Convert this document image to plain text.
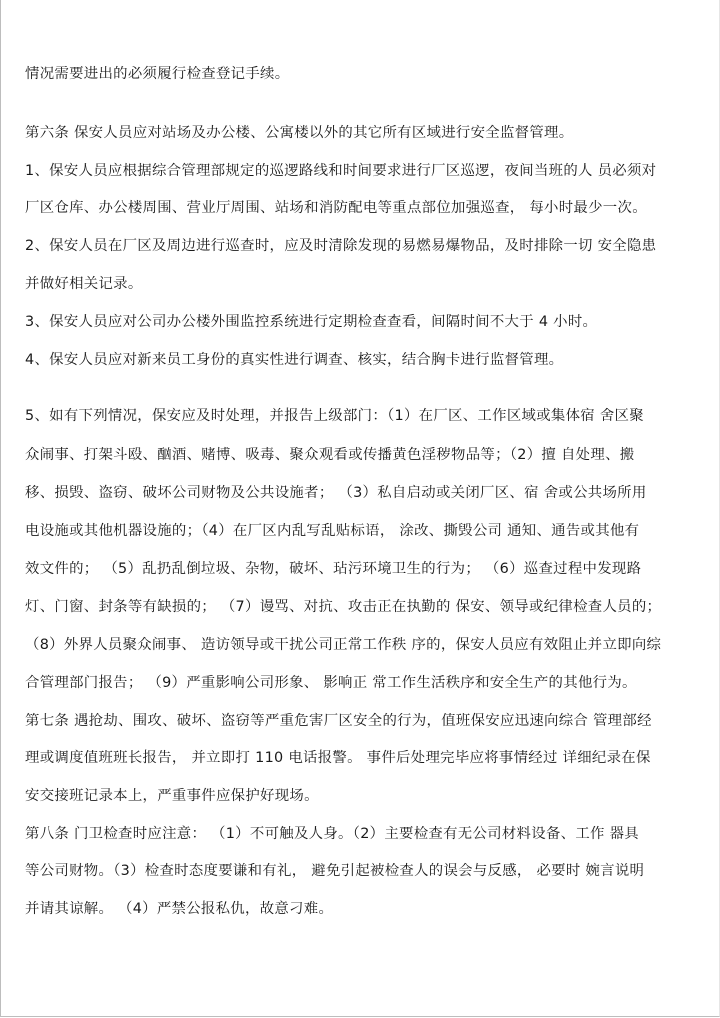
情况需要进出的必须履行检查登记手续。

第六条 保安人员应对站场及办公楼、公寓楼以外的其它所有区域进行安全监督管理。

1、保安人员应根据综合管理部规定的巡逻路线和时间要求进行厂区巡逻，夜间当班的人 员必须对

厂区仓库、办公楼周围、营业厅周围、站场和消防配电等重点部位加强巡查， 每小时最少一次。

2、保安人员在厂区及周边进行巡查时，应及时清除发现的易燃易爆物品，及时排除一切 安全隐患

并做好相关记录。

3、保安人员应对公司办公楼外围监控系统进行定期检查查看，间隔时间不大于 4 小时。

4、保安人员应对新来员工身份的真实性进行调查、核实，结合胸卡进行监督管理。

5、如有下列情况，保安应及时处理，并报告上级部门：（1）在厂区、工作区域或集体宿 舍区聚

众闹事、打架斗殴、酗酒、赌博、吸毒、聚众观看或传播黄色淫秽物品等；（2）擅 自处理、搬

移、损毁、盗窃、破坏公司财物及公共设施者； （3）私自启动或关闭厂区、宿 舍或公共场所用

电设施或其他机器设施的；（4）在厂区内乱写乱贴标语， 涂改、撕毁公司 通知、通告或其他有

效文件的； （5）乱扔乱倒垃圾、杂物，破坏、玷污环境卫生的行为； （6）巡查过程中发现路

灯、门窗、封条等有缺损的； （7）谩骂、对抗、攻击正在执勤的 保安、领导或纪律检查人员的；

（8）外界人员聚众闹事、 造访领导或干扰公司正常工作秩 序的，保安人员应有效阻止并立即向综

合管理部门报告； （9）严重影响公司形象、 影响正 常工作生活秩序和安全生产的其他行为。

第七条 遇抢劫、围攻、破坏、盗窃等严重危害厂区安全的行为，值班保安应迅速向综合 管理部经

理或调度值班班长报告， 并立即打 110 电话报警。 事件后处理完毕应将事情经过 详细纪录在保

安交接班记录本上，严重事件应保护好现场。

第八条 门卫检查时应注意： （1）不可触及人身。（2）主要检查有无公司材料设备、工作 器具

等公司财物。（3）检查时态度要谦和有礼， 避免引起被检查人的误会与反感， 必要时 婉言说明

并请其谅解。 （4）严禁公报私仇，故意刁难。
